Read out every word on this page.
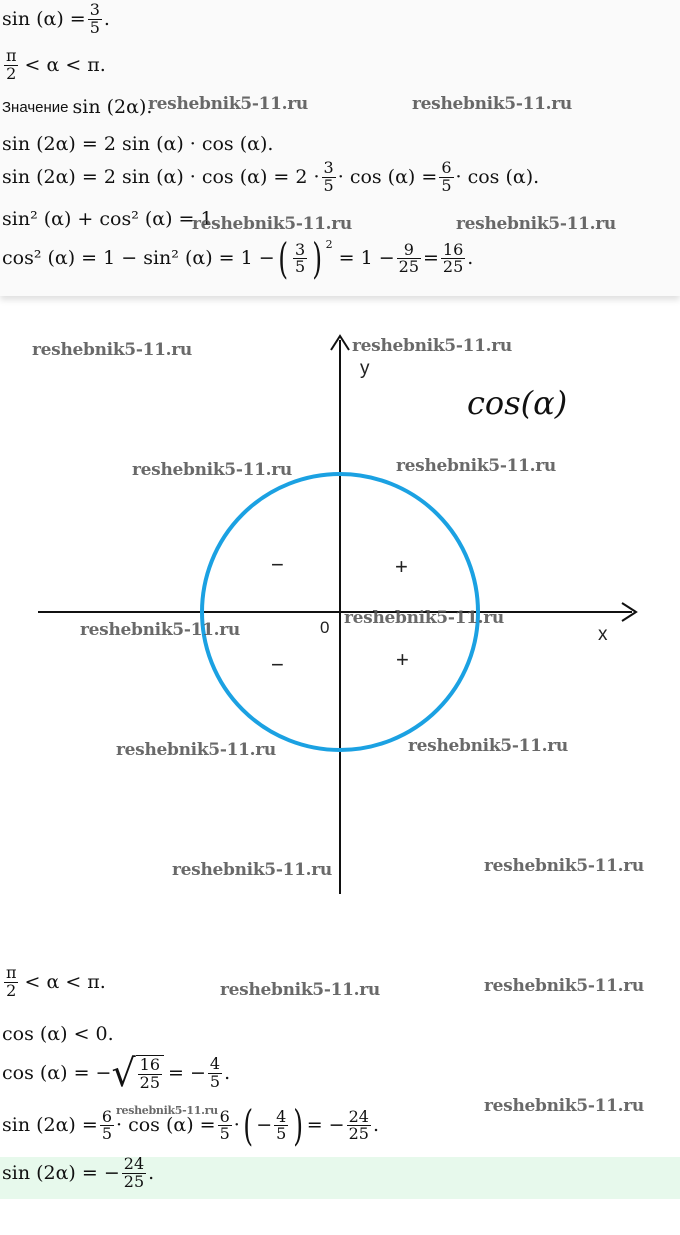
$\sin (\alpha) = \frac{3}{5}$ .
$\frac{\pi}{2} < \alpha < \pi$.
Значение sin (2α).
sin (2α) = 2 sin (α) · cos (α).
sin (2α) = 2 $\sin (\alpha) \cdot \cos (\alpha) = 2 \cdot \frac{3}{5} \cdot \cos (\alpha) = \frac{6}{5} \cdot \cos (\alpha)$.
sin² (α) + cos² (α) = 1
cos² (α) = 1 − sin² (α) = 1 − ( $\frac{3}{5}$ ) $^2$
= $1 - \frac{9}{25} = \frac{16}{25}$ .
y
x
0
cos(α)
−	+
−	+
$\frac{\pi}{2} < \alpha < \pi$.
cos (α) < 0.
cos (α) = − √ $\frac{16}{25}$ = − $\frac{4}{5}$ .
$\sin (2\alpha) = \frac{6}{5} \cdot \cos (\alpha) = \frac{6}{5}$ · ( − $\frac{4}{5}$ ) = − $\frac{24}{25}$ .
sin (2α) = − $\frac{24}{25}$ .
reshebnik5-11.ru	reshebnik5-11.ru
reshebnik5-11.ru	reshebnik5-11.ru
reshebnik5-11.ru	reshebnik5-11.ru
reshebnik5-11.ru	reshebnik5-11.ru
reshebnik5-11.ru
reshebnik5-11.ru
reshebnik5-11.ru	reshebnik5-11.ru
reshebnik5-11.ru	reshebnik5-11.ru
reshebnik5-11.ru	reshebnik5-11.ru
reshebnik5-11.ru
reshebnik5-11.ru
